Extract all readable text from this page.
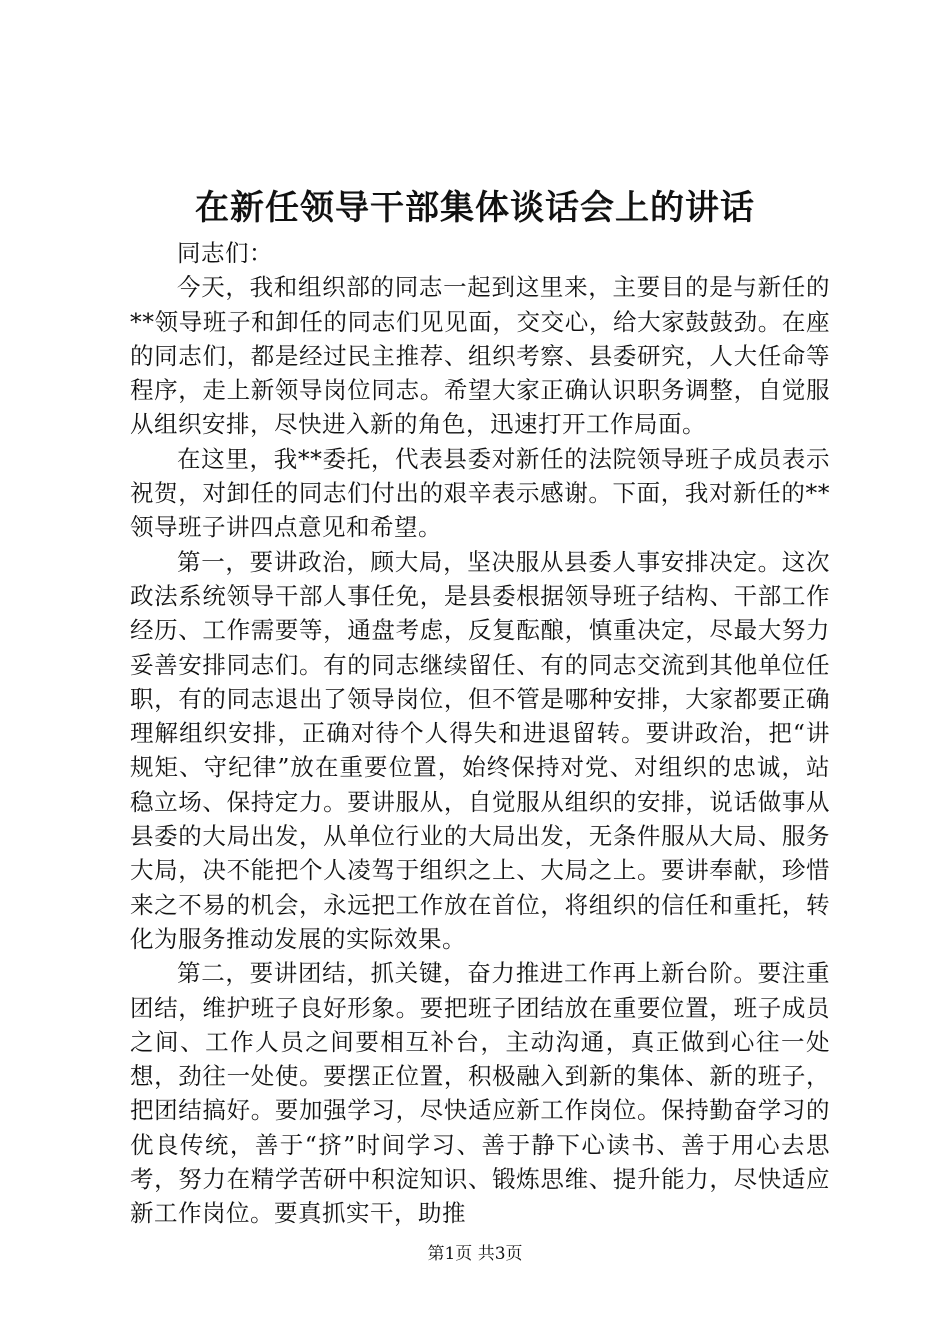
在新任领导干部集体谈话会上的讲话

同志们：

今天，我和组织部的同志一起到这里来，主要目的是与新任的**领导班子和卸任的同志们见见面，交交心，给大家鼓鼓劲。在座的同志们，都是经过民主推荐、组织考察、县委研究，人大任命等程序，走上新领导岗位同志。希望大家正确认识职务调整，自觉服从组织安排，尽快进入新的角色，迅速打开工作局面。

在这里，我**委托，代表县委对新任的法院领导班子成员表示祝贺，对卸任的同志们付出的艰辛表示感谢。下面，我对新任的**领导班子讲四点意见和希望。

第一，要讲政治，顾大局，坚决服从县委人事安排决定。这次政法系统领导干部人事任免，是县委根据领导班子结构、干部工作经历、工作需要等，通盘考虑，反复酝酿，慎重决定，尽最大努力妥善安排同志们。有的同志继续留任、有的同志交流到其他单位任职，有的同志退出了领导岗位，但不管是哪种安排，大家都要正确理解组织安排，正确对待个人得失和进退留转。要讲政治，把“讲规矩、守纪律”放在重要位置，始终保持对党、对组织的忠诚，站稳立场、保持定力。要讲服从，自觉服从组织的安排，说话做事从县委的大局出发，从单位行业的大局出发，无条件服从大局、服务大局，决不能把个人凌驾于组织之上、大局之上。要讲奉献，珍惜来之不易的机会，永远把工作放在首位，将组织的信任和重托，转化为服务推动发展的实际效果。

第二，要讲团结，抓关键，奋力推进工作再上新台阶。要注重团结，维护班子良好形象。要把班子团结放在重要位置，班子成员之间、工作人员之间要相互补台，主动沟通，真正做到心往一处想，劲往一处使。要摆正位置，积极融入到新的集体、新的班子，把团结搞好。要加强学习，尽快适应新工作岗位。保持勤奋学习的优良传统，善于“挤”时间学习、善于静下心读书、善于用心去思考，努力在精学苦研中积淀知识、锻炼思维、提升能力，尽快适应新工作岗位。要真抓实干，助推

第1页 共3页
